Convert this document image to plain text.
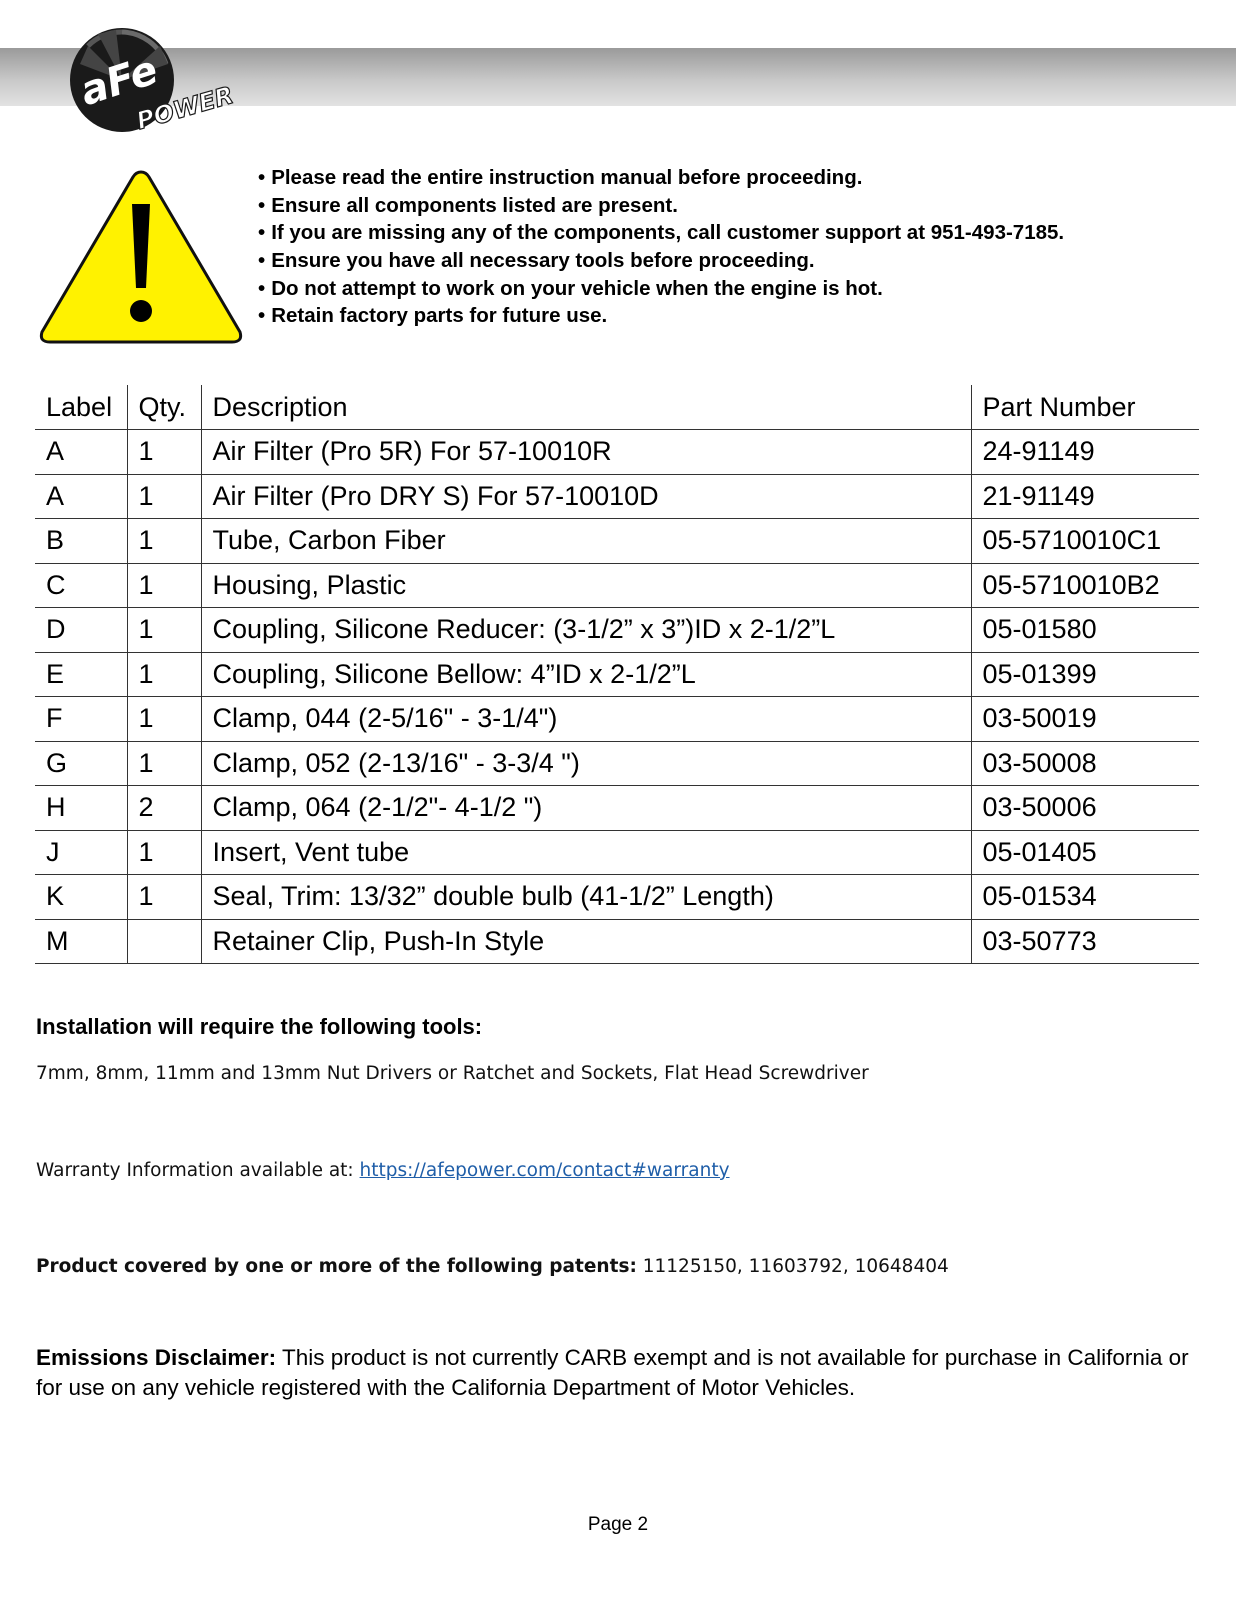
aFe
POWER
• Please read the entire instruction manual before proceeding.
• Ensure all components listed are present.
• If you are missing any of the components, call customer support at 951-493-7185.
• Ensure you have all necessary tools before proceeding.
• Do not attempt to work on your vehicle when the engine is hot.
• Retain factory parts for future use.
Label	Qty.	Description	Part Number
A	1	Air Filter (Pro 5R) For 57-10010R	24-91149
A	1	Air Filter (Pro DRY S) For 57-10010D	21-91149
B	1	Tube, Carbon Fiber	05-5710010C1
C	1	Housing, Plastic	05-5710010B2
D	1	Coupling, Silicone Reducer: (3-1/2” x 3”)ID x 2-1/2”L	05-01580
E	1	Coupling, Silicone Bellow: 4”ID x 2-1/2”L	05-01399
F	1	Clamp, 044 (2-5/16" - 3-1/4")	03-50019
G	1	Clamp, 052 (2-13/16" - 3-3/4 ")	03-50008
H	2	Clamp, 064 (2-1/2"- 4-1/2 ")	03-50006
J	1	Insert, Vent tube	05-01405
K	1	Seal, Trim: 13/32” double bulb (41-1/2” Length)	05-01534
M		Retainer Clip, Push-In Style	03-50773

Installation will require the following tools:

7mm, 8mm, 11mm and 13mm Nut Drivers or Ratchet and Sockets, Flat Head Screwdriver

Warranty Information available at: https://afepower.com/contact#warranty

Product covered by one or more of the following patents: 11125150, 11603792, 10648404

Emissions Disclaimer: This product is not currently CARB exempt and is not available for purchase in California or for use on any vehicle registered with the California Department of Motor Vehicles.

Page 2
